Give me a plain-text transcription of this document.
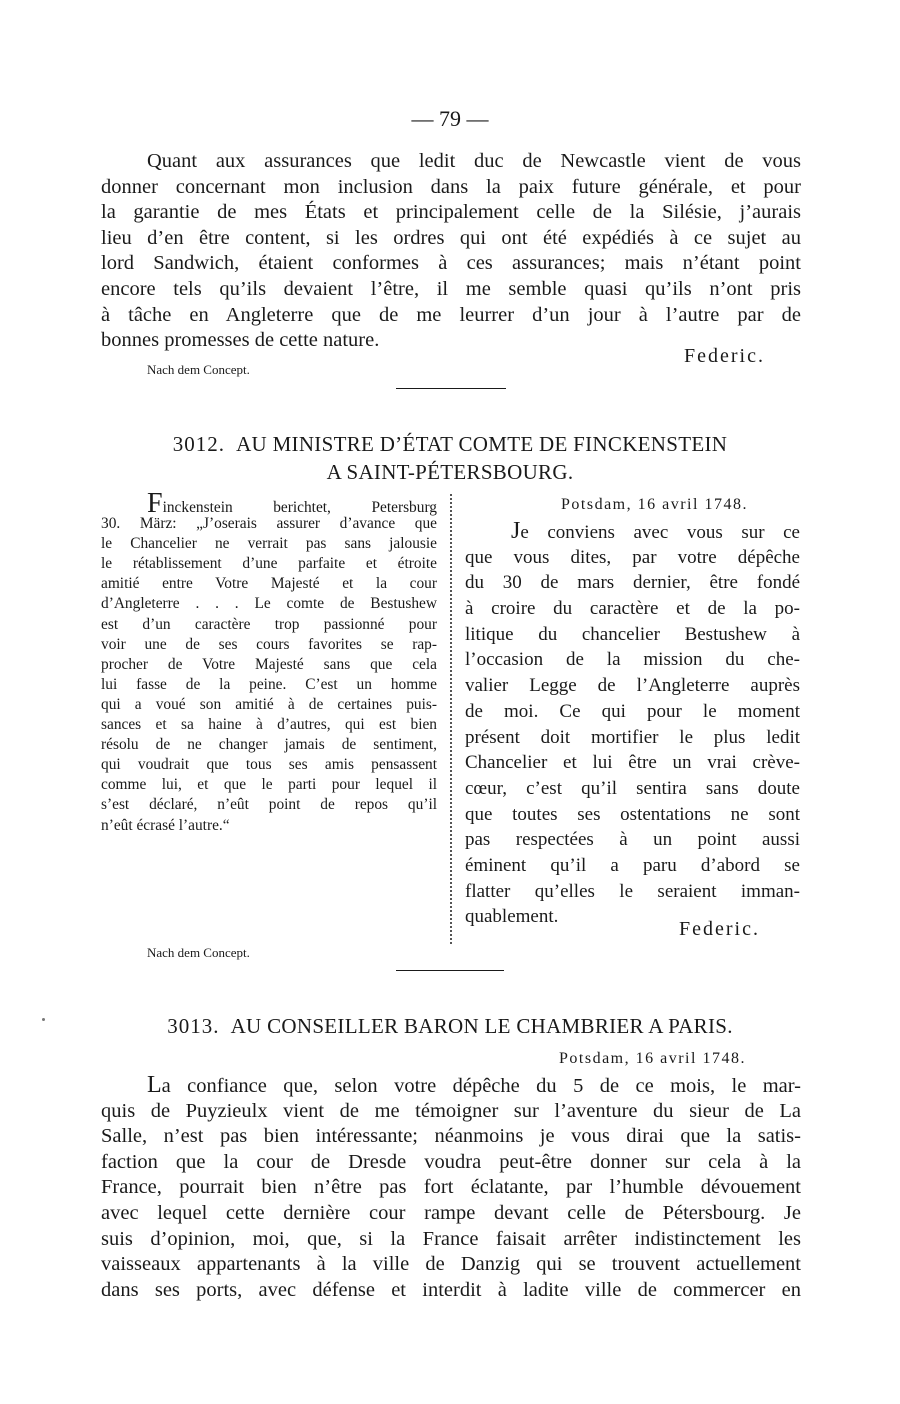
— 79 —
Quant aux assurances que ledit duc de Newcastle vient de vous
donner concernant mon inclusion dans la paix future générale, et pour
la garantie de mes États et principalement celle de la Silésie, j’aurais
lieu d’en être content, si les ordres qui ont été expédiés à ce sujet au
lord Sandwich, étaient conformes à ces assurances; mais n’étant point
encore tels qu’ils devaient l’être, il me semble quasi qu’ils n’ont pris
à tâche en Angleterre que de me leurrer d’un jour à l’autre par de
bonnes promesses de cette nature.
Federic.
Nach dem Concept.
3012. AU MINISTRE D’ÉTAT COMTE DE FINCKENSTEIN
A SAINT-PÉTERSBOURG.
Finckenstein berichtet, Petersburg
30. März: „J’oserais assurer d’avance que
le Chancelier ne verrait pas sans jalousie
le rétablissement d’une parfaite et étroite
amitié entre Votre Majesté et la cour
d’Angleterre . . . Le comte de Bestushew
est d’un caractère trop passionné pour
voir une de ses cours favorites se rap-
procher de Votre Majesté sans que cela
lui fasse de la peine. C’est un homme
qui a voué son amitié à de certaines puis-
sances et sa haine à d’autres, qui est bien
résolu de ne changer jamais de sentiment,
qui voudrait que tous ses amis pensassent
comme lui, et que le parti pour lequel il
s’est déclaré, n’eût point de repos qu’il
n’eût écrasé l’autre.“
Potsdam, 16 avril 1748.
Je conviens avec vous sur ce
que vous dites, par votre dépêche
du 30 de mars dernier, être fondé
à croire du caractère et de la po-
litique du chancelier Bestushew à
l’occasion de la mission du che-
valier Legge de l’Angleterre auprès
de moi. Ce qui pour le moment
présent doit mortifier le plus ledit
Chancelier et lui être un vrai crève-
cœur, c’est qu’il sentira sans doute
que toutes ses ostentations ne sont
pas respectées à un point aussi
éminent qu’il a paru d’abord se
flatter qu’elles le seraient imman-
quablement.
Federic.
Nach dem Concept.
3013. AU CONSEILLER BARON LE CHAMBRIER A PARIS.
Potsdam, 16 avril 1748.
La confiance que, selon votre dépêche du 5 de ce mois, le mar-
quis de Puyzieulx vient de me témoigner sur l’aventure du sieur de La
Salle, n’est pas bien intéressante; néanmoins je vous dirai que la satis-
faction que la cour de Dresde voudra peut-être donner sur cela à la
France, pourrait bien n’être pas fort éclatante, par l’humble dévouement
avec lequel cette dernière cour rampe devant celle de Pétersbourg. Je
suis d’opinion, moi, que, si la France faisait arrêter indistinctement les
vaisseaux appartenants à la ville de Danzig qui se trouvent actuellement
dans ses ports, avec défense et interdit à ladite ville de commercer en
